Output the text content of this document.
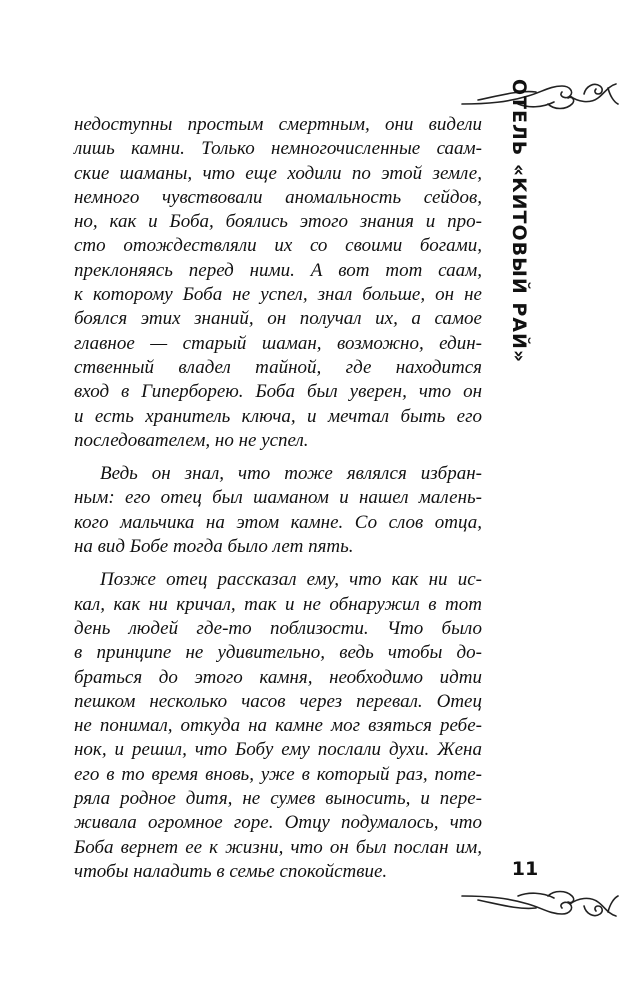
ОТЕЛЬ «КИТОВЫЙ РАЙ»
недоступны простым смертным, они видели
лишь камни. Только немногочисленные саам-
ские шаманы, что еще ходили по этой земле,
немного чувствовали аномальность сейдов,
но, как и Боба, боялись этого знания и про-
сто отождествляли их со своими богами,
преклоняясь перед ними. А вот тот саам,
к которому Боба не успел, знал больше, он не
боялся этих знаний, он получал их, а самое
главное — старый шаман, возможно, един-
ственный владел тайной, где находится
вход в Гиперборею. Боба был уверен, что он
и есть хранитель ключа, и мечтал быть его
последователем, но не успел.
Ведь он знал, что тоже являлся избран-
ным: его отец был шаманом и нашел малень-
кого мальчика на этом камне. Со слов отца,
на вид Бобе тогда было лет пять.
Позже отец рассказал ему, что как ни ис-
кал, как ни кричал, так и не обнаружил в тот
день людей где-то поблизости. Что было
в принципе не удивительно, ведь чтобы до-
браться до этого камня, необходимо идти
пешком несколько часов через перевал. Отец
не понимал, откуда на камне мог взяться ребе-
нок, и решил, что Бобу ему послали духи. Жена
его в то время вновь, уже в который раз, поте-
ряла родное дитя, не сумев выносить, и пере-
живала огромное горе. Отцу подумалось, что
Боба вернет ее к жизни, что он был послан им,
чтобы наладить в семье спокойствие.	11
